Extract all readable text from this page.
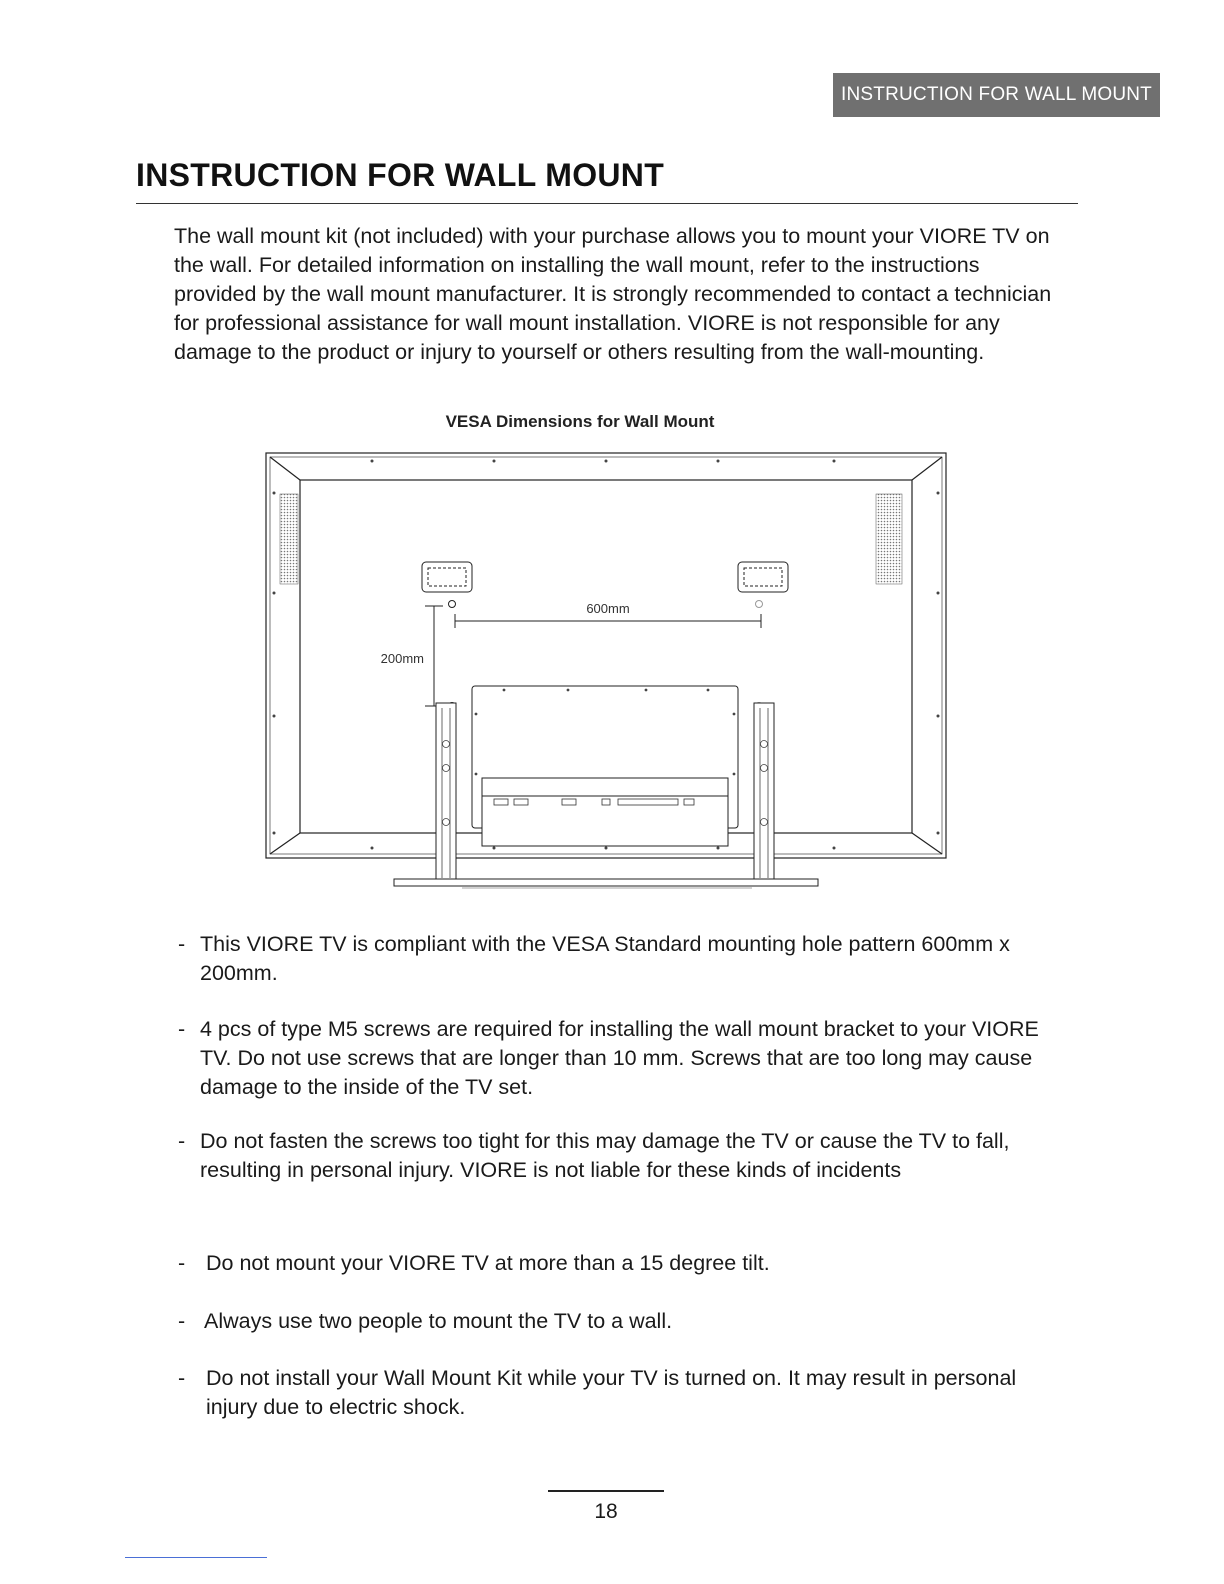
INSTRUCTION FOR WALL MOUNT
INSTRUCTION FOR WALL MOUNT

The wall mount kit (not included) with your purchase allows you to mount your VIORE TV on the wall. For detailed information on installing the wall mount, refer to the instructions provided by the wall mount manufacturer. It is strongly recommended to contact a technician for professional assistance for wall mount installation. VIORE is not responsible for any damage to the product or injury to yourself or others resulting from the wall-mounting.

VESA Dimensions for Wall Mount
600mm
200mm
- This VIORE TV is compliant with the VESA Standard mounting hole pattern 600mm x 200mm.
- 4 pcs of type M5 screws are required for installing the wall mount bracket to your VIORE TV. Do not use screws that are longer than 10 mm. Screws that are too long may cause damage to the inside of the TV set.
- Do not fasten the screws too tight for this may damage the TV or cause the TV to fall, resulting in personal injury. VIORE is not liable for these kinds of incidents
- Do not mount your VIORE TV at more than a 15 degree tilt.
- Always use two people to mount the TV to a wall.
- Do not install your Wall Mount Kit while your TV is turned on. It may result in personal injury due to electric shock.
18
